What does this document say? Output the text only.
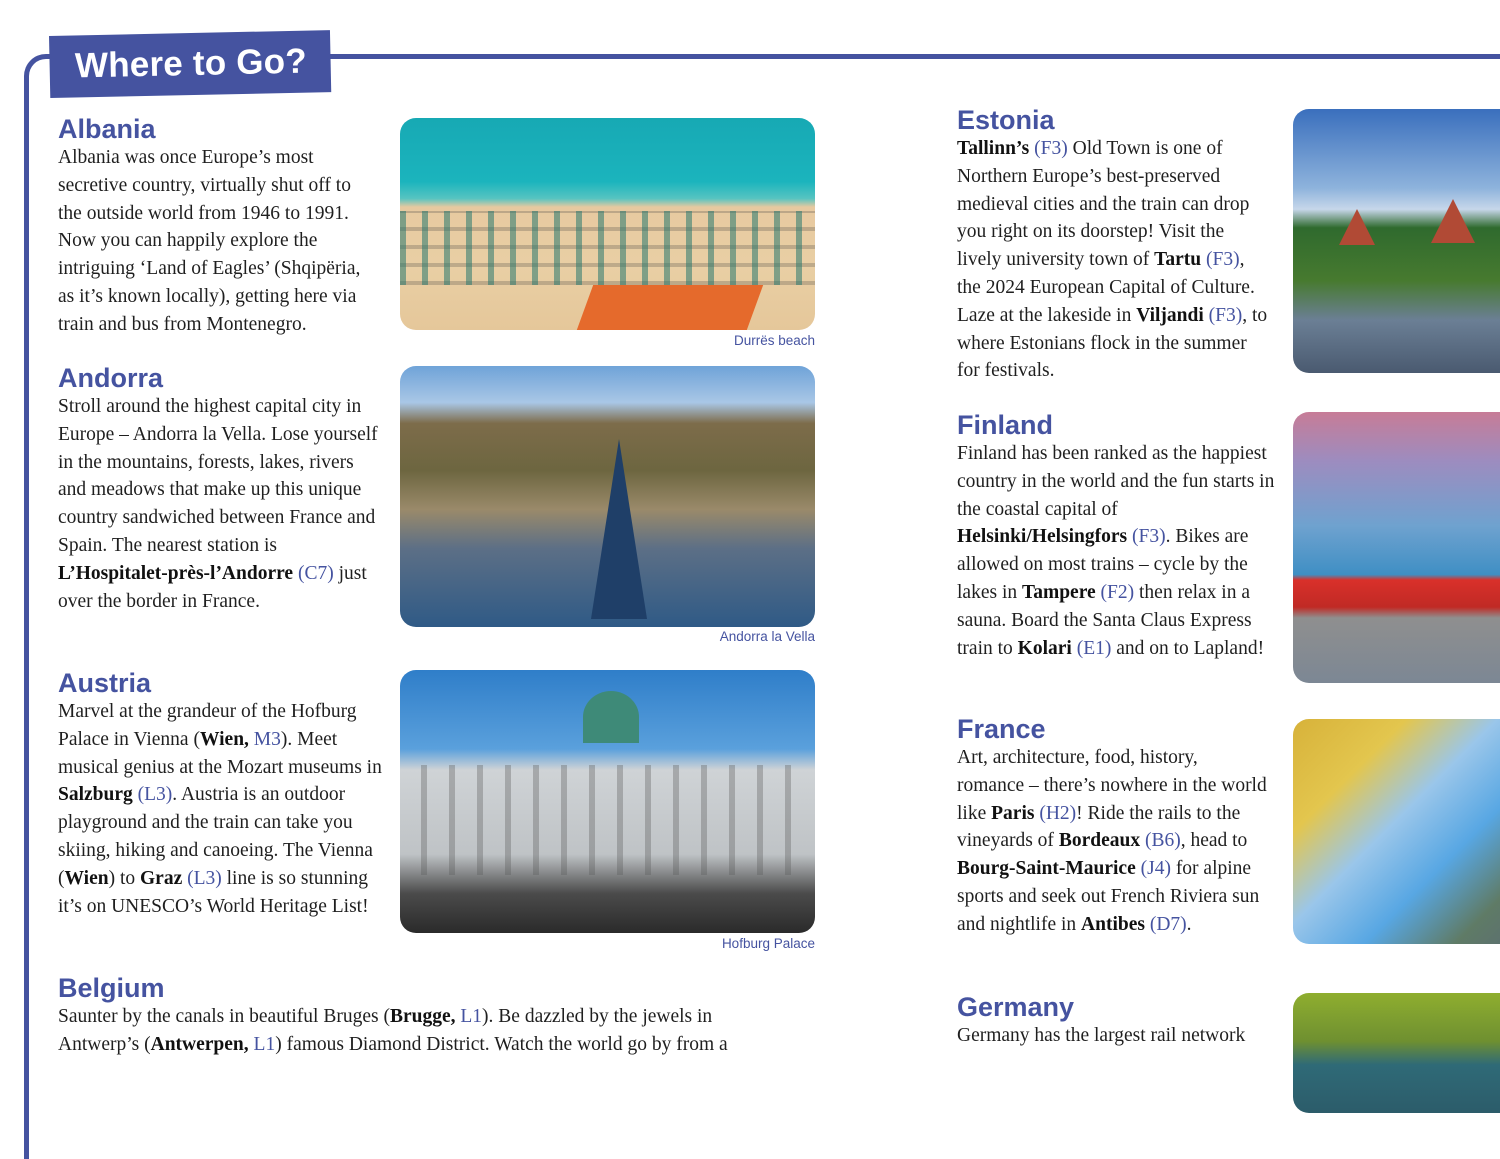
Where to Go?
Albania

Albania was once Europe’s most secretive country, virtually shut off to the outside world from 1946 to 1991. Now you can happily explore the intriguing ‘Land of Eagles’ (Shqipëria, as it’s known locally), getting here via train and bus from Montenegro.

Durrës beach
Andorra

Stroll around the highest capital city in Europe – Andorra la Vella. Lose yourself in the mountains, forests, lakes, rivers and meadows that make up this unique country sandwiched between France and Spain. The nearest station is L’Hospitalet-près-l’Andorre (C7) just over the border in France.

Andorra la Vella
Austria

Marvel at the grandeur of the Hofburg Palace in Vienna (Wien, M3). Meet musical genius at the Mozart museums in Salzburg (L3). Austria is an outdoor playground and the train can take you skiing, hiking and canoeing. The Vienna (Wien) to Graz (L3) line is so stunning it’s on UNESCO’s World Heritage List!

Hofburg Palace
Belgium

Saunter by the canals in beautiful Bruges (Brugge, L1). Be dazzled by the jewels in Antwerp’s (Antwerpen, L1) famous Diamond District. Watch the world go by from a

Estonia

Tallinn’s (F3) Old Town is one of Northern Europe’s best-preserved medieval cities and the train can drop you right on its doorstep! Visit the lively university town of Tartu (F3), the 2024 European Capital of Culture. Laze at the lakeside in Viljandi (F3), to where Estonians flock in the summer for festivals.

Finland

Finland has been ranked as the happiest country in the world and the fun starts in the coastal capital of Helsinki/Helsingfors (F3). Bikes are allowed on most trains – cycle by the lakes in Tampere (F2) then relax in a sauna. Board the Santa Claus Express train to Kolari (E1) and on to Lapland!

France

Art, architecture, food, history, romance – there’s nowhere in the world like Paris (H2)! Ride the rails to the vineyards of Bordeaux (B6), head to Bourg-Saint-Maurice (J4) for alpine sports and seek out French Riviera sun and nightlife in Antibes (D7).

Germany

Germany has the largest rail network
